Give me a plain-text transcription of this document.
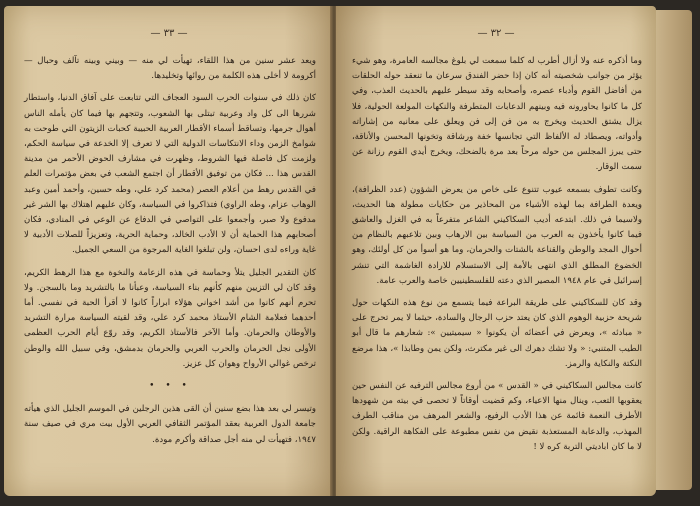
— ٣٣ —

ويعد عشر سنين من هذا اللقاء، تهيأت لي منه — وبيني وبينه تآلف وحبال — أكرومة لا أخلى هذه الكلمة من روائها وتخليدها.

كان ذلك في سنوات الحرب السود العجاف التي تتابعت على آفاق الدنيا، واستطار شررها الى كل واد وعربية تبتلى بها الشعوب، وتتجهم بها فيما كان يأمله الناس أهوال جرمها، وتساقط أسماء الأقطار العربية الحبيبة كحبات الزيتون التي طوحت به شوامخ الزمن وداء الانتكاسات الدولية التي لا تعرف إلا الخدعة في سياسة الحكم، ولزمت كل فاصلة فيها الشروط، وظهرت في مشارف الحوض الأحمر من مدينة القدس هذا ... فكان من توفيق الأقطار أن اجتمع الشعب في بعض مؤتمرات العلم في القدس رهط من أعلام العصر (محمد كرد علي، وطه حسين، وأحمد أمين وعبد الوهاب عزام، وطه الراوي) فتذاكروا في السياسة، وكان عليهم اهتلاك بها الشر غير مدفوع ولا صبر، وأجمعوا على التواصي في الدفاع عن الوعي في المنادي، فكان أصحابهم هذا الحماية أن لا الأدب الخالد، وحماية الحرية، وتعزيزاً للصلات الأدبية لا غاية وراءه لدى احسان، ولن تبلغوا الغاية المرجوة من السعي الجميل.

كان التقدير الجليل يتلأ وحماسة في هذه الزعامة والنخوة مع هذا الرهط الكريم، وقد كان لي التزيين منهم كأنهم بناء السياسة، وعبأنا ما بالتشريد وما بالسجن. ولا تحرم أنهم كانوا من أشد اخواني هؤلاء ابراراً كانوا لا أقرأ الحبة في نفسي. أما أحدهما فعلامة الشام الأستاذ محمد كرد علي، وقد لقيته السياسة مرارة التشريد والأوطان والحرمان. وأما الآخر فالأستاذ الكريم، وقد روّع أيام الحرب العظمى الأولى نجل الحرمان والحرب العربي والحرمان بدمشق، وفي سبيل الله والوطن ترخص غوالي الأرواح وهوان كل عزيز.

• • •

وتيسر لي بعد هذا بضع سنين أن القى هذين الرجلين في الموسم الجليل الذي هيأته جامعة الدول العربية بعقد المؤتمر الثقافي العربي الأول بيت مري في صيف سنة ١٩٤٧، فتهيأت لي منه أجل صداقة وأكرم مودة.

— ٣٢ —

وما أذكره عنه ولا أزال أطرب له كلما سمعت لي بلوغ مجالسه العامرة، وهو شيء يؤثر من جوانب شخصيته أنه كان إذا حضر الفندق سرعان ما تنعقد حوله الحلقات من أفاضل القوم وأدباء عصره، وأصحابه وقد سيطر عليهم بالحديث العذب، وفي كل ما كانوا يحاورونه فيه وبينهم الدعابات المتطرفة والنكهات المولعة الحولية، فلا يزال يشتق الحديث ويخرج به من فن إلى فن ويعلق على معانيه من إشاراته وأدواته، ويصطاد له الألفاظ التي تجانسها خفة ورشاقة وتخونها المحسن والأناقة، حتى يبرز المجلس من حوله مرحاً بعد مرة بالضحك، ويخرج أيدي القوم رزانة عن سمت الوقار.

وكانت تطوف بسمعه عيوب تتنوع على خاص من يعرض الشؤون (عدد الظرافة)، ويعدة الطرافة بما لهذه الأشياء من المحاذير من حكايات مطولة هنا الحديث، ولاسيما في ذلك. ابتدعه أديب السكاكيني الشاعر متفرعاً به في الغزل والعاشق فيما كانوا يأخذون به العرب من السياسة بين الارهاب وبين تلاعبهم بالنظام من أحوال المجد والوطن والقناعة بالشتات والحرمان، وما هو أسوأ من كل أولئك، وهو الخضوع المطلق الذي انتهى بالأمة إلى الاستسلام للارادة الغاشمة التي تنشر إسرائيل في عام ١٩٤٨ المصير الذي دعته للفلسطينيين خاصة والعرب عامة.

وقد كان للسكاكيني على طريقة البراعة فيما يتسمع من نوع هذه النكهات حول شريحة حزبية الوهوم الذي كان يعتد حزب الرجال والسادة، حيثما لا يمر تحرج على « مبادئه »، ويعرض في أعضائه أن يكونوا « سيميتيين »: شعارهم ما قال أبو الطيب المتنبي: « ولا تشك دهرك الى غير مكترث، ولكن يمن وطابذا »، هذا مرضع النكتة والنكاية والرمز.

كانت مجالس السكاكيني في « القدس » من أروع مجالس الترفيه عن النفس حين يعقوبها التعب، وينال منها الاعياء، وكم قضيت أوقاتاً لا تحصى في بيته من شهودها الأطرف النعمة قائمة عن هذا الأدب الرفيع، والشعر المرهف من مناقب الطرف المهذب، والدعابة المستعذبة نقيض من نفس مطبوعة على الفكاهة الراقية. ولكن لا ما كان اباديتي التربة كره لا !
